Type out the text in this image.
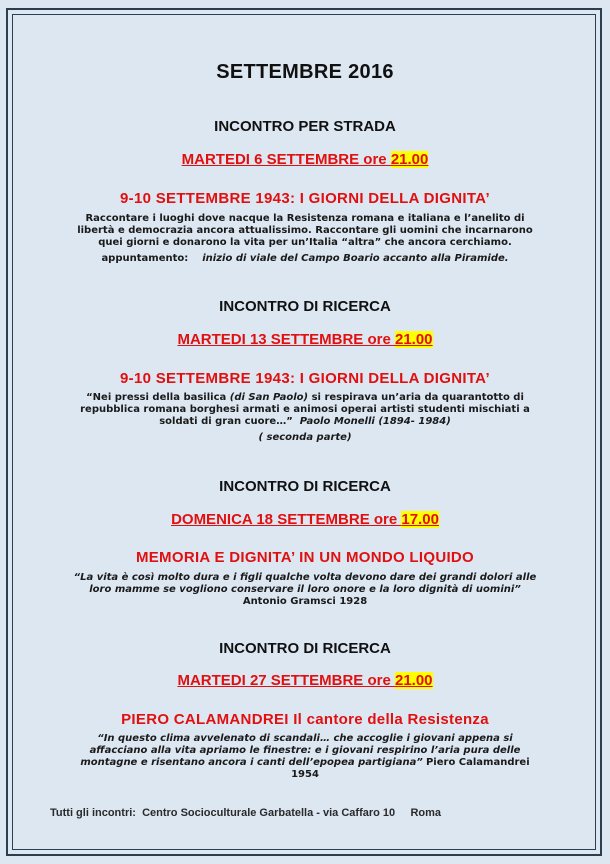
SETTEMBRE 2016
INCONTRO PER STRADA
MARTEDI 6 SETTEMBRE ore 21.00
9-10 SETTEMBRE 1943: I GIORNI DELLA DIGNITA’
Raccontare i luoghi dove nacque la Resistenza romana e italiana e l’anelito di
libertà e democrazia ancora attualissimo. Raccontare gli uomini che incarnarono
quei giorni e donarono la vita per un’Italia “altra” che ancora cerchiamo.
appuntamento: inizio di viale del Campo Boario accanto alla Piramide.
INCONTRO DI RICERCA
MARTEDI 13 SETTEMBRE ore 21.00
9-10 SETTEMBRE 1943: I GIORNI DELLA DIGNITA’
“Nei pressi della basilica (di San Paolo) si respirava un’aria da quarantotto di
repubblica romana borghesi armati e animosi operai artisti studenti mischiati a
soldati di gran cuore…” Paolo Monelli (1894- 1984)
( seconda parte)
INCONTRO DI RICERCA
DOMENICA 18 SETTEMBRE ore 17.00
MEMORIA E DIGNITA’ IN UN MONDO LIQUIDO
“La vita è così molto dura e i figli qualche volta devono dare dei grandi dolori alle
loro mamme se vogliono conservare il loro onore e la loro dignità di uomini”
Antonio Gramsci 1928
INCONTRO DI RICERCA
MARTEDI 27 SETTEMBRE ore 21.00
PIERO CALAMANDREI Il cantore della Resistenza
“In questo clima avvelenato di scandali… che accoglie i giovani appena si
affacciano alla vita apriamo le finestre: e i giovani respirino l’aria pura delle
montagne e risentano ancora i canti dell’epopea partigiana” Piero Calamandrei
1954
Tutti gli incontri: Centro Socioculturale Garbatella - via Caffaro 10 Roma
